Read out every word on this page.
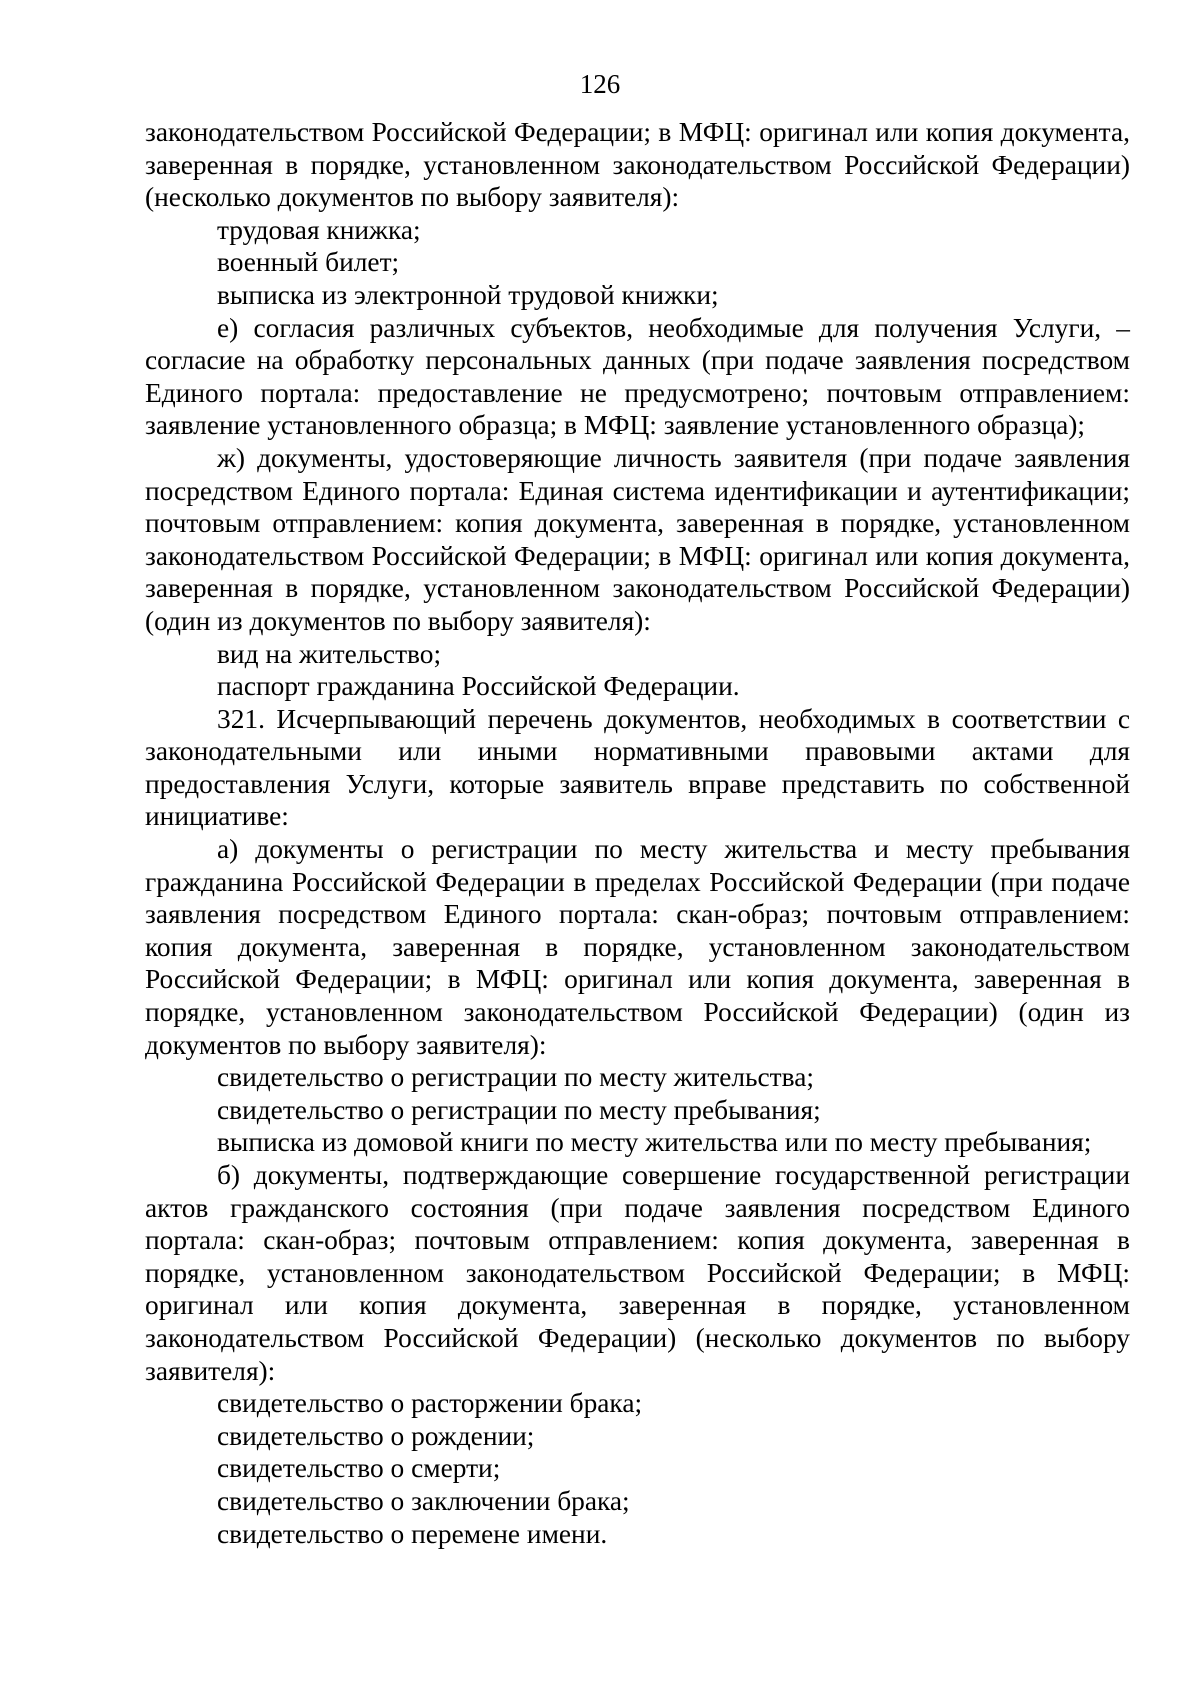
126

законодательством Российской Федерации; в МФЦ: оригинал или копия документа, заверенная в порядке, установленном законодательством Российской Федерации) (несколько документов по выбору заявителя):

трудовая книжка;

военный билет;

выписка из электронной трудовой книжки;

е) согласия различных субъектов, необходимые для получения Услуги, – согласие на обработку персональных данных (при подаче заявления посредством Единого портала: предоставление не предусмотрено; почтовым отправлением: заявление установленного образца; в МФЦ: заявление установленного образца);

ж) документы, удостоверяющие личность заявителя (при подаче заявления посредством Единого портала: Единая система идентификации и аутентификации; почтовым отправлением: копия документа, заверенная в порядке, установленном законодательством Российской Федерации; в МФЦ: оригинал или копия документа, заверенная в порядке, установленном законодательством Российской Федерации) (один из документов по выбору заявителя):

вид на жительство;

паспорт гражданина Российской Федерации.

321. Исчерпывающий перечень документов, необходимых в соответствии с законодательными или иными нормативными правовыми актами для предоставления Услуги, которые заявитель вправе представить по собственной инициативе:

а) документы о регистрации по месту жительства и месту пребывания гражданина Российской Федерации в пределах Российской Федерации (при подаче заявления посредством Единого портала: скан-образ; почтовым отправлением: копия документа, заверенная в порядке, установленном законодательством Российской Федерации; в МФЦ: оригинал или копия документа, заверенная в порядке, установленном законодательством Российской Федерации) (один из документов по выбору заявителя):

свидетельство о регистрации по месту жительства;

свидетельство о регистрации по месту пребывания;

выписка из домовой книги по месту жительства или по месту пребывания;

б) документы, подтверждающие совершение государственной регистрации актов гражданского состояния (при подаче заявления посредством Единого портала: скан-образ; почтовым отправлением: копия документа, заверенная в порядке, установленном законодательством Российской Федерации; в МФЦ: оригинал или копия документа, заверенная в порядке, установленном законодательством Российской Федерации) (несколько документов по выбору заявителя):

свидетельство о расторжении брака;

свидетельство о рождении;

свидетельство о смерти;

свидетельство о заключении брака;

свидетельство о перемене имени.
